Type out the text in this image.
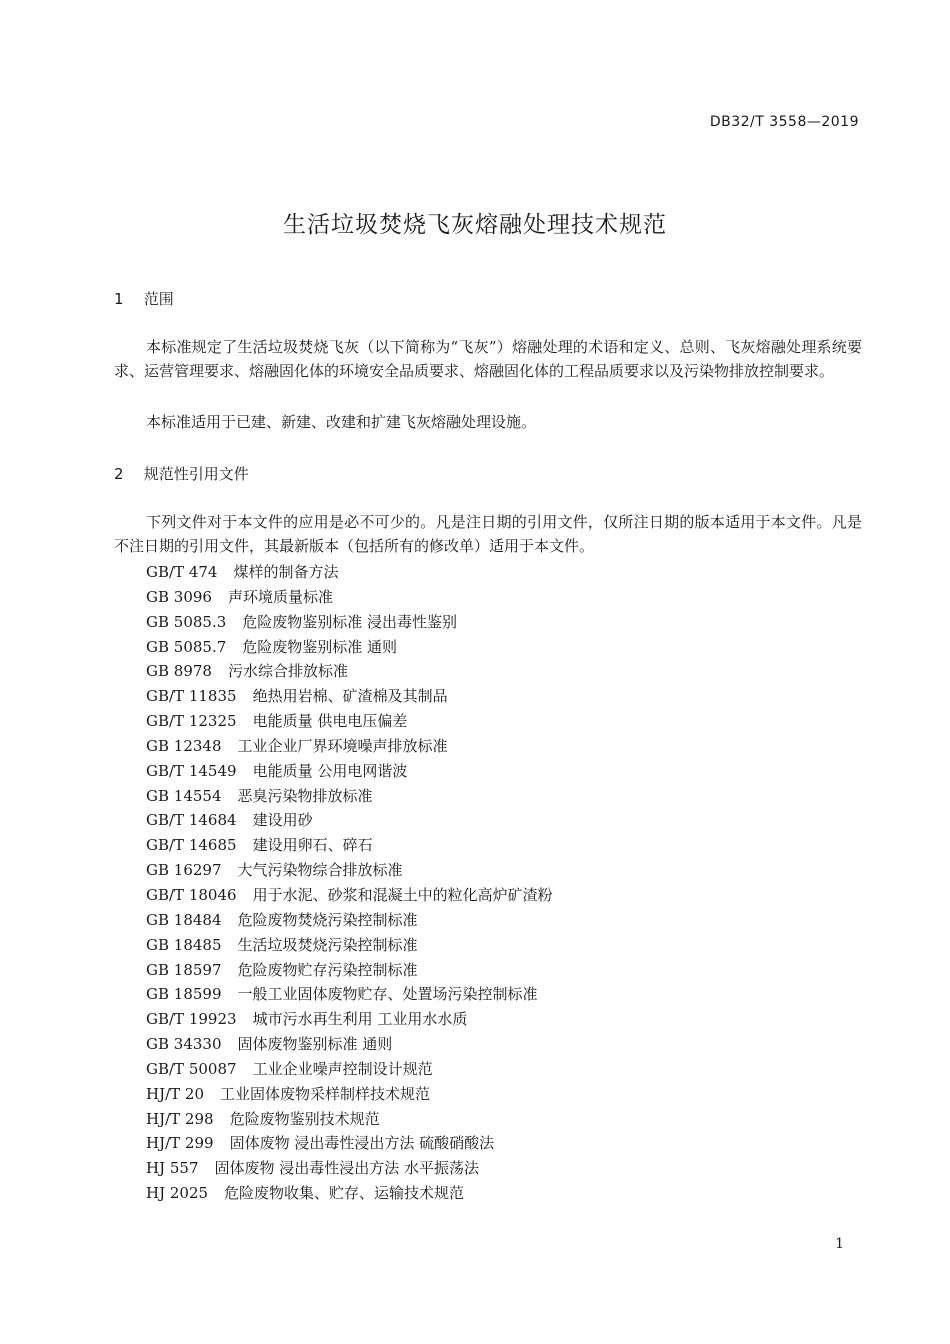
DB32/T 3558—2019
生活垃圾焚烧飞灰熔融处理技术规范
1 范围

本标准规定了生活垃圾焚烧飞灰（以下简称为“飞灰”）熔融处理的术语和定义、总则、飞灰熔融处理系统要求、运营管理要求、熔融固化体的环境安全品质要求、熔融固化体的工程品质要求以及污染物排放控制要求。

本标准适用于已建、新建、改建和扩建飞灰熔融处理设施。

2 规范性引用文件

下列文件对于本文件的应用是必不可少的。凡是注日期的引用文件，仅所注日期的版本适用于本文件。凡是不注日期的引用文件，其最新版本（包括所有的修改单）适用于本文件。

GB/T 474 煤样的制备方法
GB 3096 声环境质量标准
GB 5085.3 危险废物鉴别标准 浸出毒性鉴别
GB 5085.7 危险废物鉴别标准 通则
GB 8978 污水综合排放标准
GB/T 11835 绝热用岩棉、矿渣棉及其制品
GB/T 12325 电能质量 供电电压偏差
GB 12348 工业企业厂界环境噪声排放标准
GB/T 14549 电能质量 公用电网谐波
GB 14554 恶臭污染物排放标准
GB/T 14684 建设用砂
GB/T 14685 建设用卵石、碎石
GB 16297 大气污染物综合排放标准
GB/T 18046 用于水泥、砂浆和混凝土中的粒化高炉矿渣粉
GB 18484 危险废物焚烧污染控制标准
GB 18485 生活垃圾焚烧污染控制标准
GB 18597 危险废物贮存污染控制标准
GB 18599 一般工业固体废物贮存、处置场污染控制标准
GB/T 19923 城市污水再生利用 工业用水水质
GB 34330 固体废物鉴别标准 通则
GB/T 50087 工业企业噪声控制设计规范
HJ/T 20 工业固体废物采样制样技术规范
HJ/T 298 危险废物鉴别技术规范
HJ/T 299 固体废物 浸出毒性浸出方法 硫酸硝酸法
HJ 557 固体废物 浸出毒性浸出方法 水平振荡法
HJ 2025 危险废物收集、贮存、运输技术规范
1
